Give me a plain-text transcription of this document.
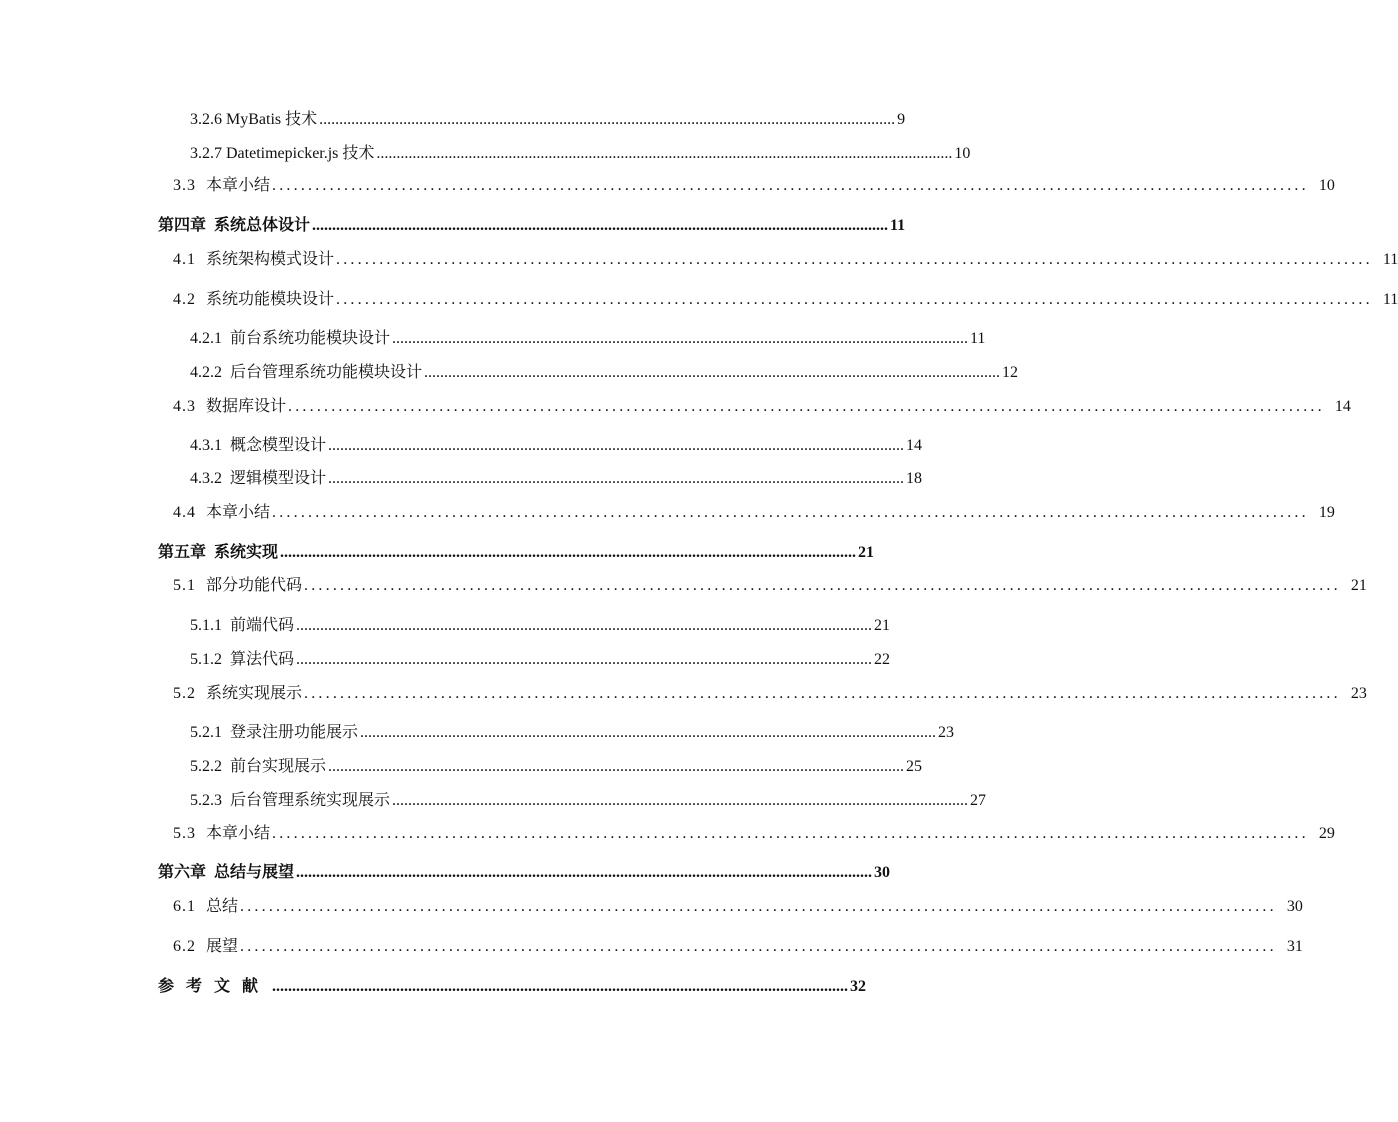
3.2.6 MyBatis 技术 ................................................................................................................................................ 9
3.2.7 Datetimepicker.js 技术 ................................................................................................................................................ 10
3.3 本章小结 ................................................................................................................................................ 10
第四章 系统总体设计 ................................................................................................................................................ 11
4.1 系统架构模式设计 ................................................................................................................................................ 11
4.2 系统功能模块设计 ................................................................................................................................................ 11
4.2.1 前台系统功能模块设计 ................................................................................................................................................ 11
4.2.2 后台管理系统功能模块设计 ................................................................................................................................................ 12
4.3 数据库设计 ................................................................................................................................................ 14
4.3.1 概念模型设计 ................................................................................................................................................ 14
4.3.2 逻辑模型设计 ................................................................................................................................................ 18
4.4 本章小结 ................................................................................................................................................ 19
第五章 系统实现 ................................................................................................................................................ 21
5.1 部分功能代码 ................................................................................................................................................ 21
5.1.1 前端代码 ................................................................................................................................................ 21
5.1.2 算法代码 ................................................................................................................................................ 22
5.2 系统实现展示 ................................................................................................................................................ 23
5.2.1 登录注册功能展示 ................................................................................................................................................ 23
5.2.2 前台实现展示 ................................................................................................................................................ 25
5.2.3 后台管理系统实现展示 ................................................................................................................................................ 27
5.3 本章小结 ................................................................................................................................................ 29
第六章 总结与展望 ................................................................................................................................................ 30
6.1 总结 ................................................................................................................................................ 30
6.2 展望 ................................................................................................................................................ 31
参考文献 ................................................................................................................................................ 32
